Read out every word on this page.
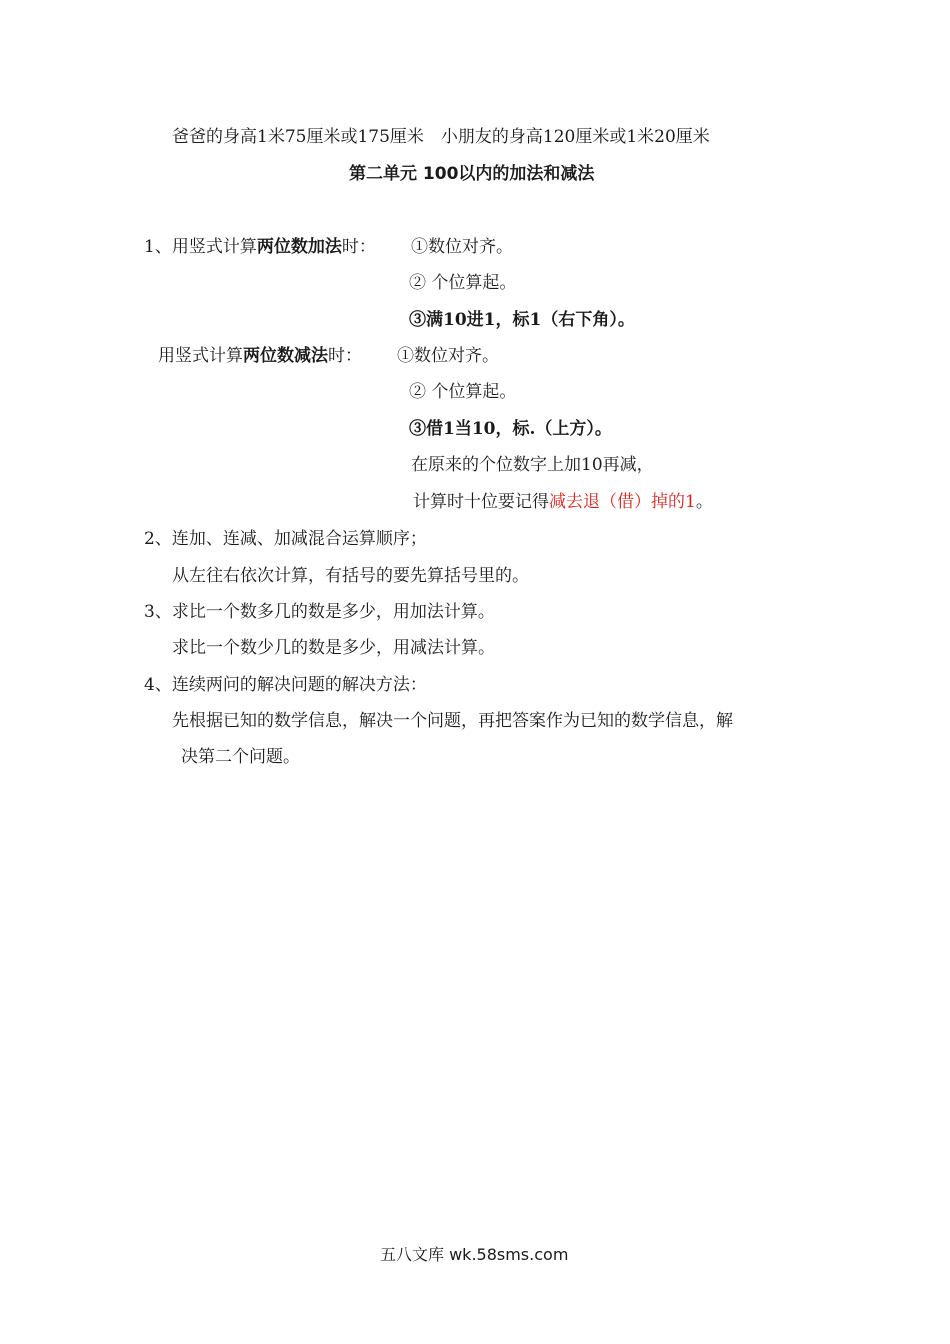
爸爸的身高1米75厘米或175厘米　小朋友的身高120厘米或1米20厘米
第二单元 100以内的加法和减法
1、用竖式计算两位数加法时： ①数位对齐。
② 个位算起。
③满10进1，标1（右下角）。
用竖式计算两位数减法时： ①数位对齐。
② 个位算起。
③借1当10，标.（上方）。
在原来的个位数字上加10再减，
计算时十位要记得减去退（借）掉的1。
2、连加、连减、加减混合运算顺序；
从左往右依次计算，有括号的要先算括号里的。
3、求比一个数多几的数是多少，用加法计算。
求比一个数少几的数是多少，用减法计算。
4、连续两问的解决问题的解决方法：
先根据已知的数学信息，解决一个问题，再把答案作为已知的数学信息，解
决第二个问题。
五八文库 wk.58sms.com
